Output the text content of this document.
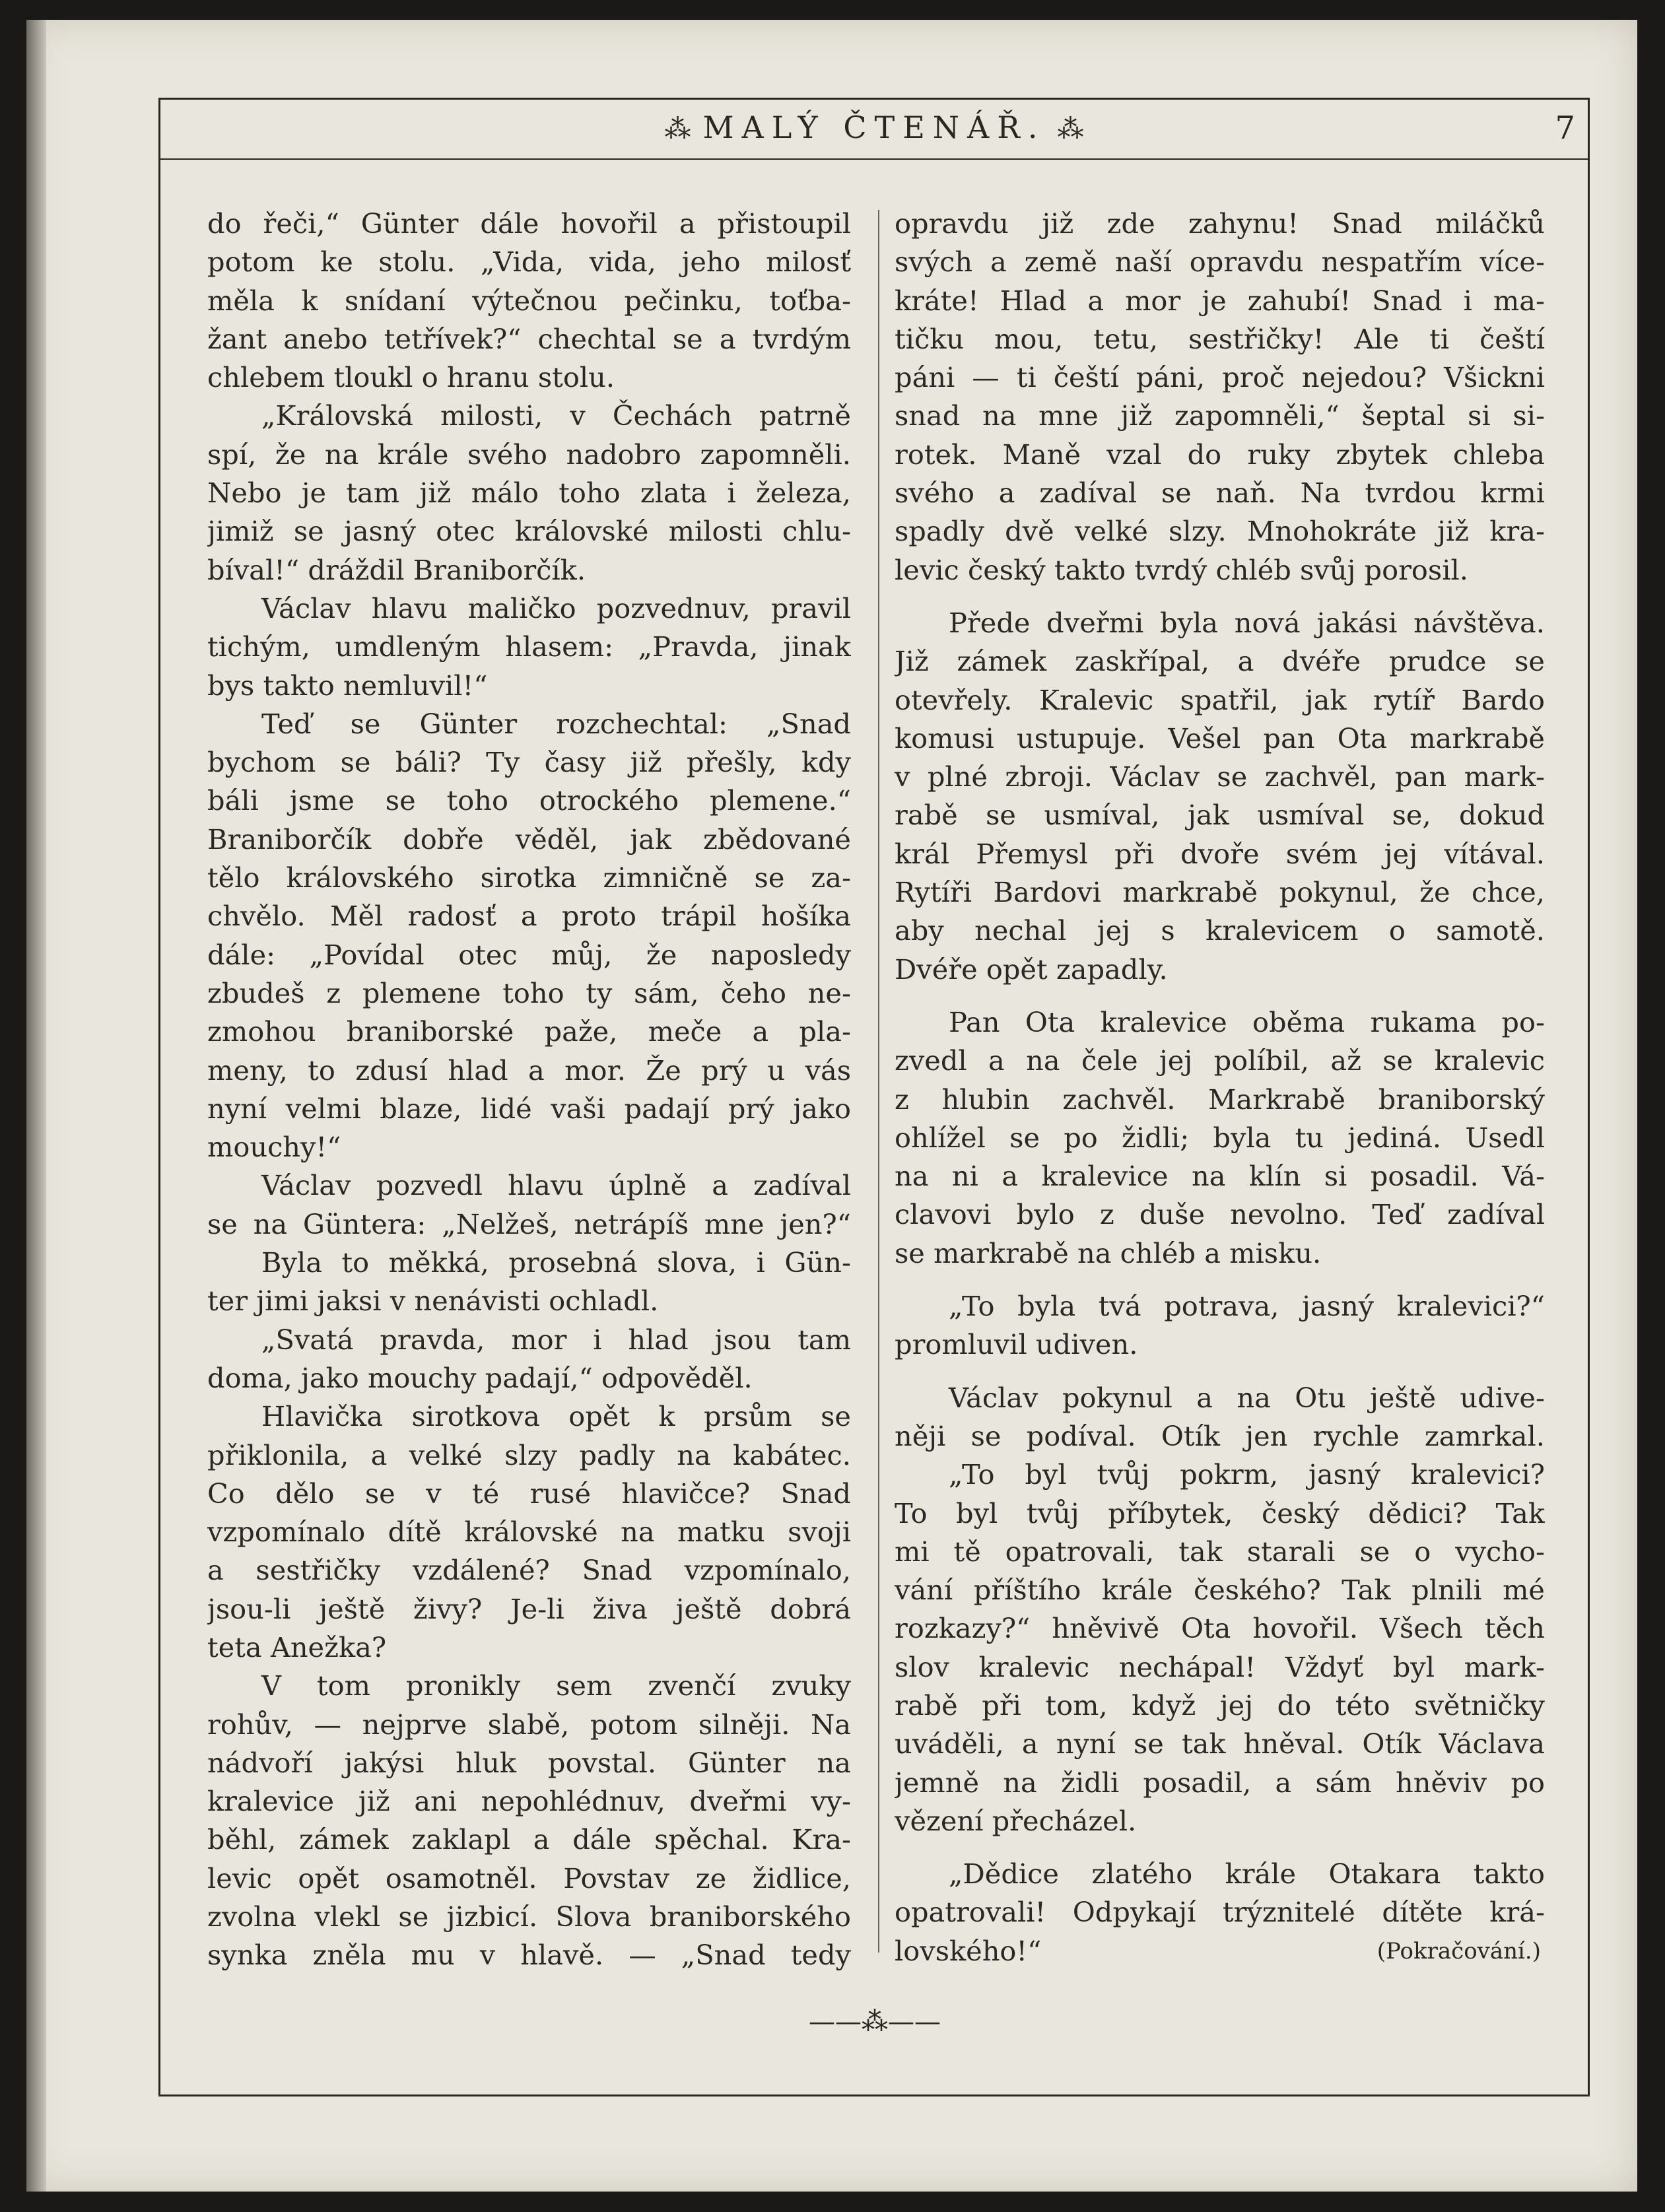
⁂ MALÝ ČTENÁŘ. ⁂	7
do řeči,“ Günter dále hovořil a přistoupil
potom ke stolu. „Vida, vida, jeho milosť
měla k snídaní výtečnou pečinku, toťbа-
žant anebo tetřívek?“ chechtal se a tvrdým
chlebem tloukl o hranu stolu.
„Královská milosti, v Čechách patrně
spí, že na krále svého nadobro zapomněli.
Nebo je tam již málo toho zlata i železa,
jimiž se jasný otec královské milosti chlu-
bíval!“ dráždil Braniborčík.
Václav hlavu maličko pozvednuv, pravil
tichým, umdleným hlasem: „Pravda, jinak
bys takto nemluvil!“
Teď se Günter rozchechtal: „Snad
bychom se báli? Ty časy již přešly, kdy
báli jsme se toho otrockého plemene.“
Braniborčík dobře věděl, jak zbědované
tělo královského sirotka zimničně se za-
chvělo. Měl radosť a proto trápil hošíka
dále: „Povídal otec můj, že naposledy
zbudeš z plemene toho ty sám, čeho ne-
zmohou braniborské paže, meče a pla-
meny, to zdusí hlad a mor. Že prý u vás
nyní velmi blaze, lidé vaši padají prý jako
mouchy!“
Václav pozvedl hlavu úplně a zadíval
se na Güntera: „Nelžeš, netrápíš mne jen?“
Byla to měkká, prosebná slova, i Gün-
ter jimi jaksi v nenávisti ochladl.
„Svatá pravda, mor i hlad jsou tam
doma, jako mouchy padají,“ odpověděl.
Hlavička sirotkova opět k prsům se
přiklonila, a velké slzy padly na kabátec.
Co dělo se v té rusé hlavičce? Snad
vzpomínalo dítě královské na matku svoji
a sestřičky vzdálené? Snad vzpomínalo,
jsou-li ještě živy? Je-li živa ještě dobrá
teta Anežka?
V tom pronikly sem zvenčí zvuky
rohův, — nejprve slabě, potom silněji. Na
nádvoří jakýsi hluk povstal. Günter na
kralevice již ani nepohlédnuv, dveřmi vy-
běhl, zámek zaklapl a dále spěchal. Kra-
levic opět osamotněl. Povstav ze židlice,
zvolna vlekl se jizbicí. Slova braniborského
synka zněla mu v hlavě. — „Snad tedy
opravdu již zde zahynu! Snad miláčků
svých a země naší opravdu nespatřím více-
kráte! Hlad a mor je zahubí! Snad i ma-
tičku mou, tetu, sestřičky! Ale ti čeští
páni — ti čeští páni, proč nejedou? Všickni
snad na mne již zapomněli,“ šeptal si si-
rotek. Maně vzal do ruky zbytek chleba
svého a zadíval se naň. Na tvrdou krmi
spadly dvě velké slzy. Mnohokráte již kra-
levic český takto tvrdý chléb svůj porosil.
Přede dveřmi byla nová jakási návštěva.
Již zámek zaskřípal, a dvéře prudce se
otevřely. Kralevic spatřil, jak rytíř Bardo
komusi ustupuje. Vešel pan Ota markrabě
v plné zbroji. Václav se zachvěl, pan mark-
rabě se usmíval, jak usmíval se, dokud
král Přemysl při dvoře svém jej vítával.
Rytíři Bardovi markrabě pokynul, že chce,
aby nechal jej s kralevicem o samotě.
Dvéře opět zapadly.
Pan Ota kralevice oběma rukama po-
zvedl a na čele jej políbil, až se kralevic
z hlubin zachvěl. Markrabě braniborský
ohlížel se po židli; byla tu jediná. Usedl
na ni a kralevice na klín si posadil. Vá-
clavovi bylo z duše nevolno. Teď zadíval
se markrabě na chléb a misku.
„To byla tvá potrava, jasný kralevici?“
promluvil udiven.
Václav pokynul a na Otu ještě udive-
něji se podíval. Otík jen rychle zamrkal.
„To byl tvůj pokrm, jasný kralevici?
To byl tvůj příbytek, český dědici? Tak
mi tě opatrovali, tak starali se o vycho-
vání příštího krále českého? Tak plnili mé
rozkazy?“ hněvivě Ota hovořil. Všech těch
slov kralevic nechápal! Vždyť byl mark-
rabě při tom, když jej do této světničky
uváděli, a nyní se tak hněval. Otík Václava
jemně na židli posadil, a sám hněviv po
vězení přecházel.
„Dědice zlatého krále Otakara takto
opatrovali! Odpykají trýznitelé dítěte krá-
(Pokračování.)
lovského!“
——⁂——
